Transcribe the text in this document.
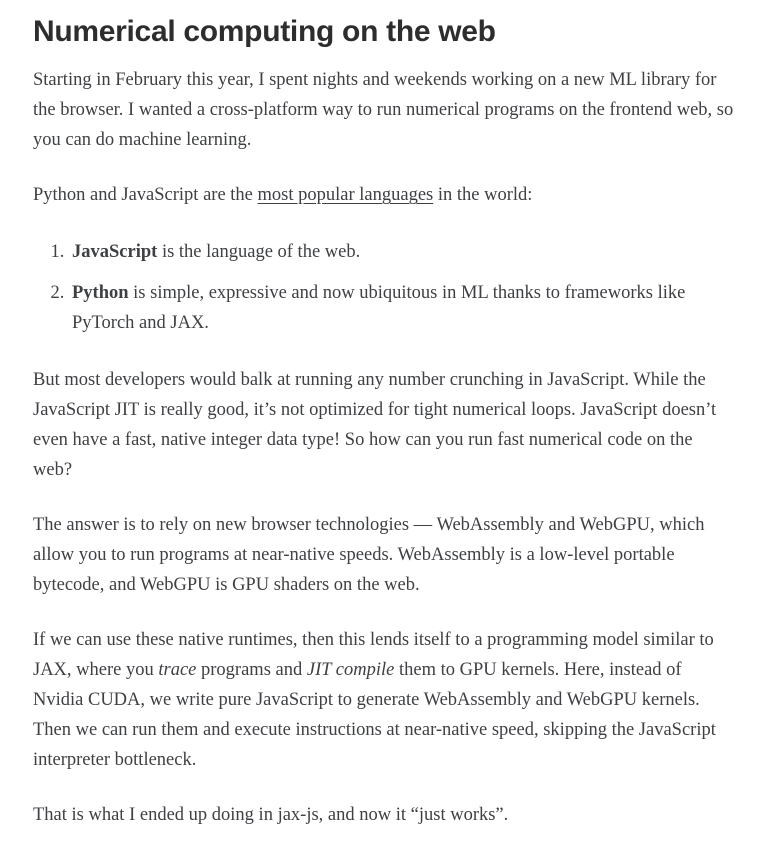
Numerical computing on the web

Starting in February this year, I spent nights and weekends working on a new ML library for the browser. I wanted a cross-platform way to run numerical programs on the frontend web, so you can do machine learning.

Python and JavaScript are the most popular languages in the world:

1. JavaScript is the language of the web.
2. Python is simple, expressive and now ubiquitous in ML thanks to frameworks like PyTorch and JAX.

But most developers would balk at running any number crunching in JavaScript. While the JavaScript JIT is really good, it’s not optimized for tight numerical loops. JavaScript doesn’t even have a fast, native integer data type! So how can you run fast numerical code on the web?

The answer is to rely on new browser technologies — WebAssembly and WebGPU, which allow you to run programs at near-native speeds. WebAssembly is a low-level portable bytecode, and WebGPU is GPU shaders on the web.

If we can use these native runtimes, then this lends itself to a programming model similar to JAX, where you trace programs and JIT compile them to GPU kernels. Here, instead of Nvidia CUDA, we write pure JavaScript to generate WebAssembly and WebGPU kernels. Then we can run them and execute instructions at near-native speed, skipping the JavaScript interpreter bottleneck.

That is what I ended up doing in jax-js, and now it “just works”.
